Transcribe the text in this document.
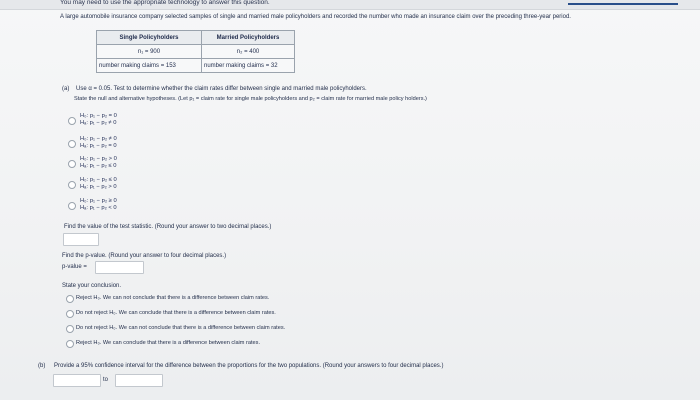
You may need to use the appropriate technology to answer this question.
A large automobile insurance company selected samples of single and married male policyholders and recorded the number who made an insurance claim over the preceding three-year period.
Single Policyholders	Married Policyholders
n₁ = 900	n₂ = 400
number making claims = 153	number making claims = 32
(a) Use α = 0.05. Test to determine whether the claim rates differ between single and married male policyholders.
State the null and alternative hypotheses. (Let p₁ = claim rate for single male policyholders and p₂ = claim rate for married male policy holders.)
H₀: p₁ − p₂ = 0
Hₐ: p₁ − p₂ ≠ 0
H₀: p₁ − p₂ ≠ 0
Hₐ: p₁ − p₂ = 0
H₀: p₁ − p₂ > 0
Hₐ: p₁ − p₂ ≤ 0
H₀: p₁ − p₂ ≤ 0
Hₐ: p₁ − p₂ > 0
H₀: p₁ − p₂ ≥ 0
Hₐ: p₁ − p₂ < 0
Find the value of the test statistic. (Round your answer to two decimal places.)
Find the p-value. (Round your answer to four decimal places.)
p-value =
State your conclusion.
Reject H₀. We can not conclude that there is a difference between claim rates.
Do not reject H₀. We can conclude that there is a difference between claim rates.
Do not reject H₀. We can not conclude that there is a difference between claim rates.
Reject H₀. We can conclude that there is a difference between claim rates.
(b) Provide a 95% confidence interval for the difference between the proportions for the two populations. (Round your answers to four decimal places.)
to
